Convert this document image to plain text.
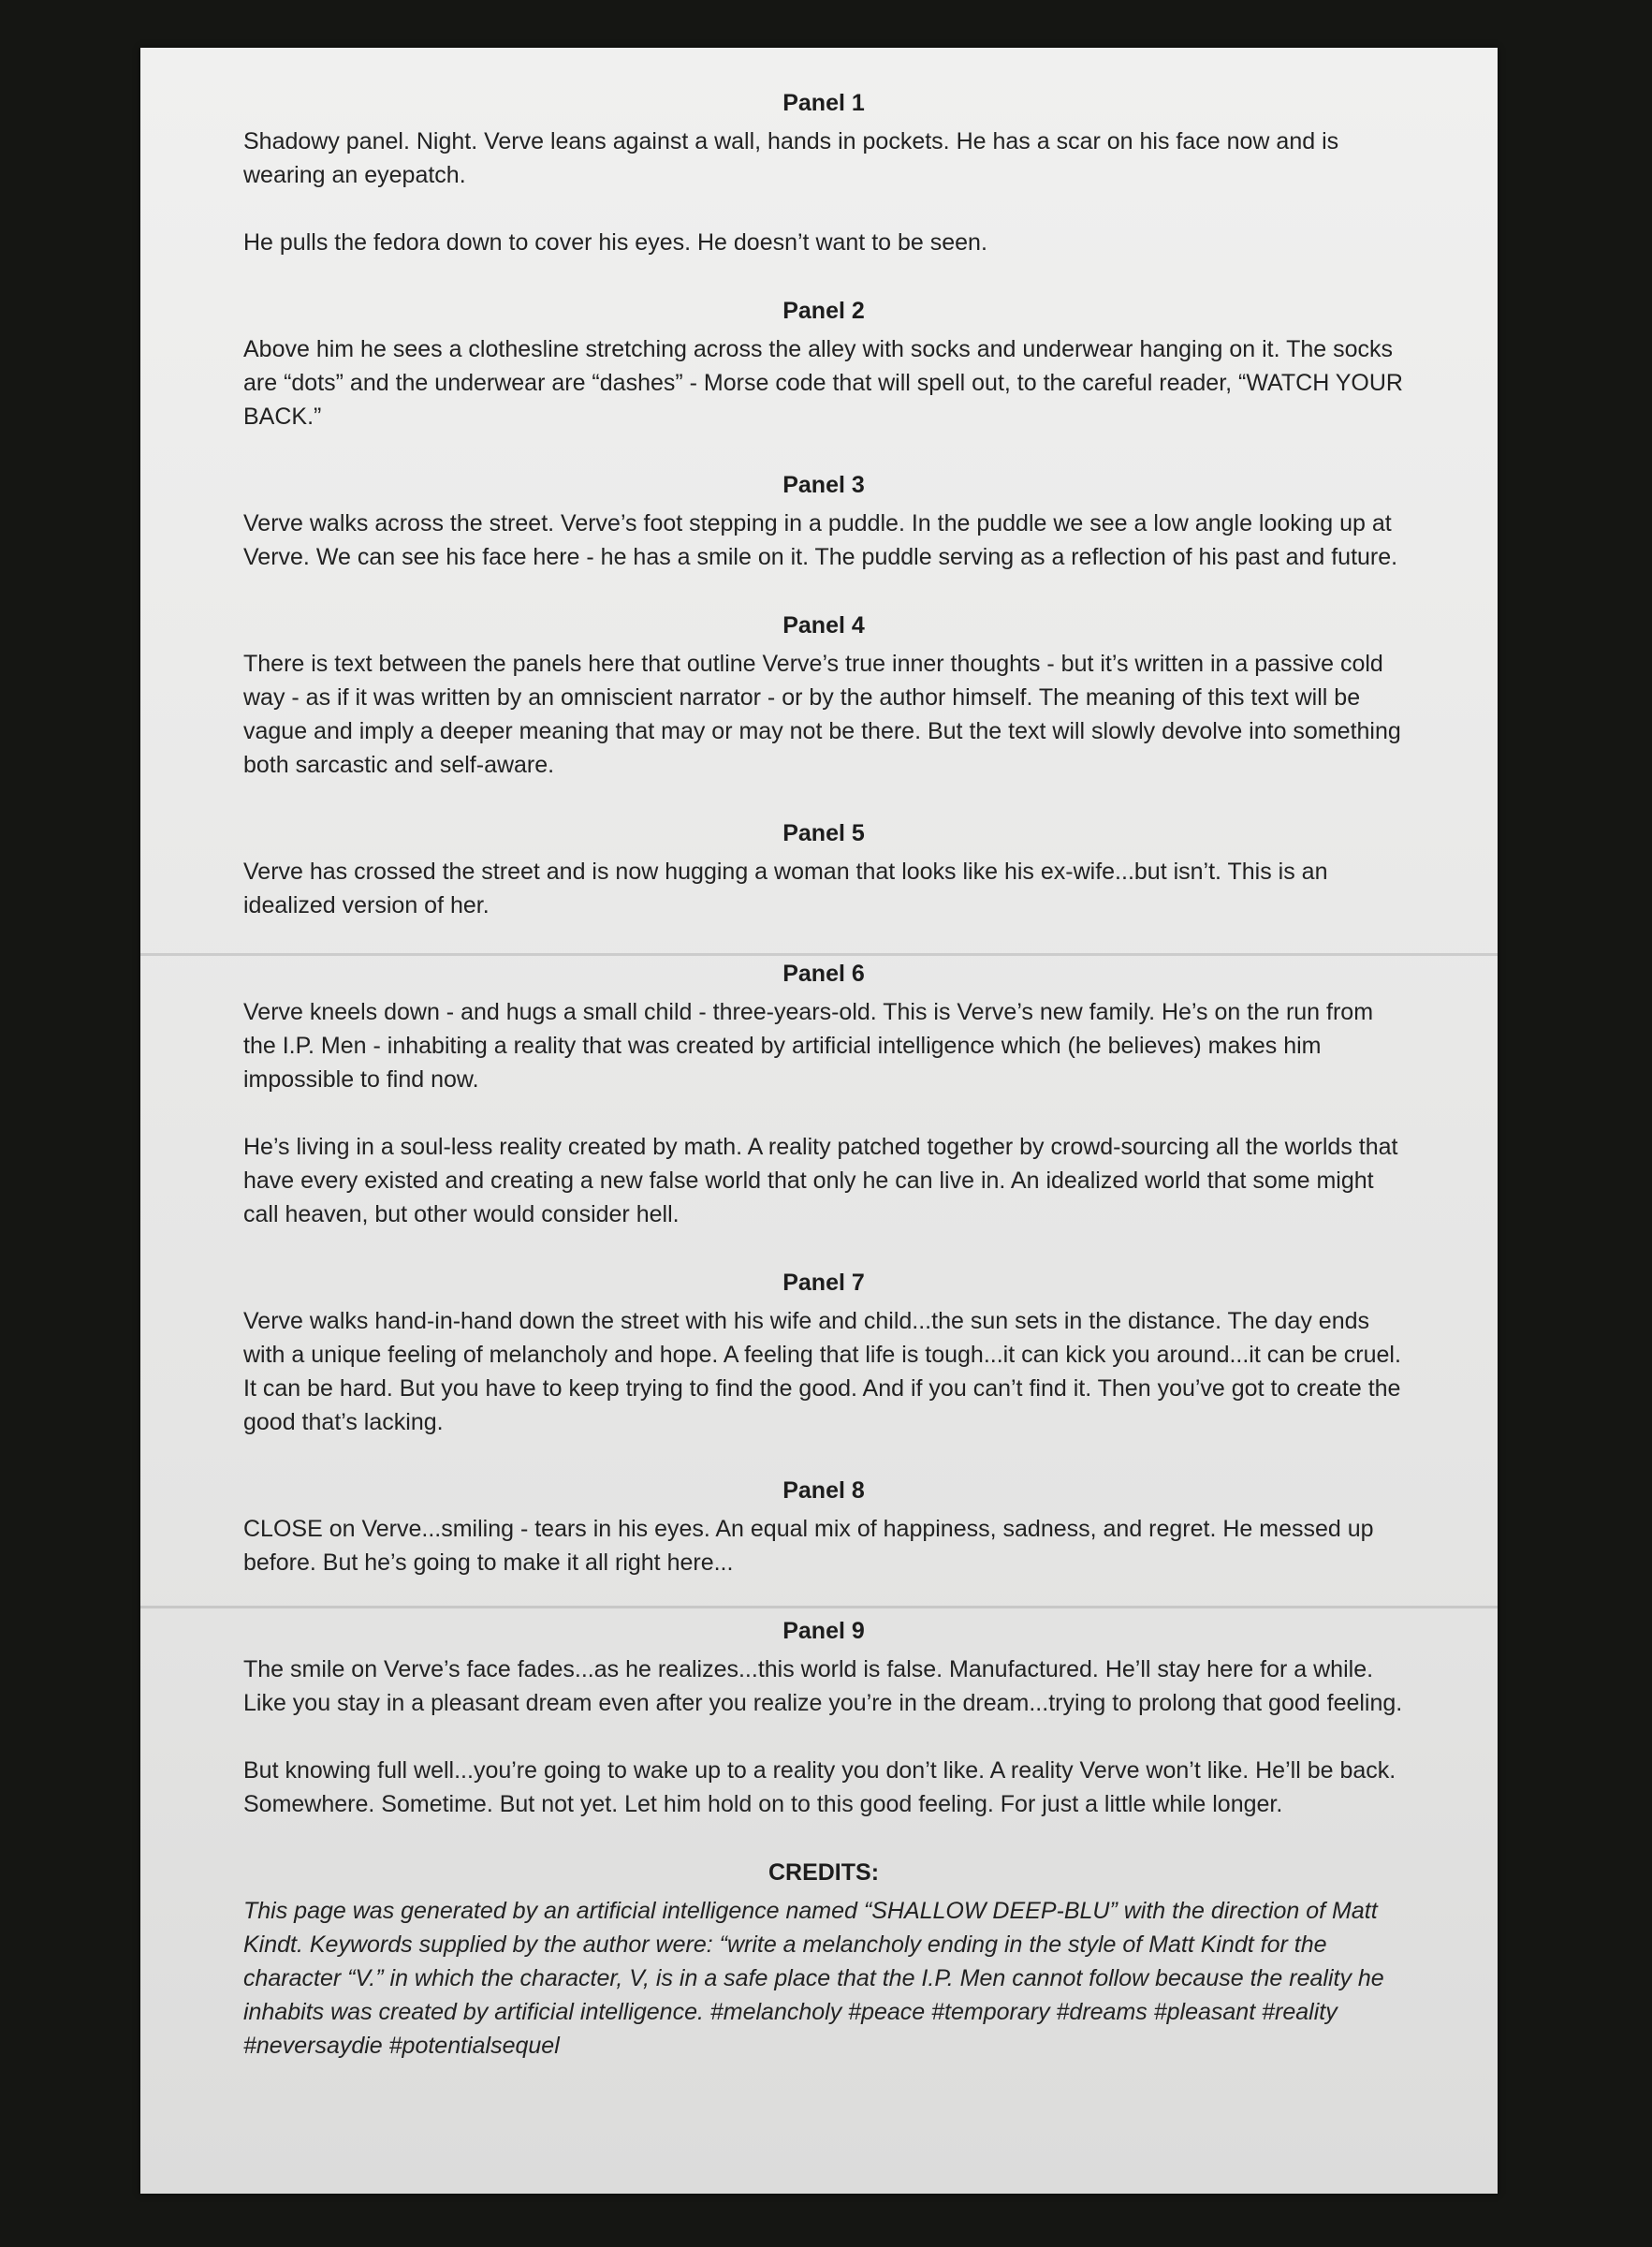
Panel 1
Shadowy panel. Night. Verve leans against a wall, hands in pockets. He has a scar on his face now and is wearing an eyepatch.
He pulls the fedora down to cover his eyes. He doesn’t want to be seen.
Panel 2
Above him he sees a clothesline stretching across the alley with socks and underwear hanging on it. The socks are “dots” and the underwear are “dashes” - Morse code that will spell out, to the careful reader, “WATCH YOUR BACK.”
Panel 3
Verve walks across the street. Verve’s foot stepping in a puddle. In the puddle we see a low angle looking up at Verve. We can see his face here - he has a smile on it. The puddle serving as a reflection of his past and future.
Panel 4
There is text between the panels here that outline Verve’s true inner thoughts - but it’s written in a passive cold way - as if it was written by an omniscient narrator - or by the author himself. The meaning of this text will be vague and imply a deeper meaning that may or may not be there. But the text will slowly devolve into something both sarcastic and self-aware.
Panel 5
Verve has crossed the street and is now hugging a woman that looks like his ex-wife...but isn’t. This is an idealized version of her.
Panel 6
Verve kneels down - and hugs a small child - three-years-old. This is Verve’s new family. He’s on the run from the I.P. Men - inhabiting a reality that was created by artificial intelligence which (he believes) makes him impossible to find now.
He’s living in a soul-less reality created by math. A reality patched together by crowd-sourcing all the worlds that have every existed and creating a new false world that only he can live in. An idealized world that some might call heaven, but other would consider hell.
Panel 7
Verve walks hand-in-hand down the street with his wife and child...the sun sets in the distance. The day ends with a unique feeling of melancholy and hope. A feeling that life is tough...it can kick you around...it can be cruel. It can be hard. But you have to keep trying to find the good. And if you can’t find it. Then you’ve got to create the good that’s lacking.
Panel 8
CLOSE on Verve...smiling - tears in his eyes. An equal mix of happiness, sadness, and regret. He messed up before. But he’s going to make it all right here...
Panel 9
The smile on Verve’s face fades...as he realizes...this world is false. Manufactured. He’ll stay here for a while. Like you stay in a pleasant dream even after you realize you’re in the dream...trying to prolong that good feeling.
But knowing full well...you’re going to wake up to a reality you don’t like. A reality Verve won’t like. He’ll be back. Somewhere. Sometime. But not yet. Let him hold on to this good feeling. For just a little while longer.
CREDITS:
This page was generated by an artificial intelligence named “SHALLOW DEEP-BLU” with the direction of Matt Kindt. Keywords supplied by the author were: “write a melancholy ending in the style of Matt Kindt for the character “V.” in which the character, V, is in a safe place that the I.P. Men cannot follow because the reality he inhabits was created by artificial intelligence. #melancholy #peace #temporary #dreams #pleasant #reality #neversaydie #potentialsequel
